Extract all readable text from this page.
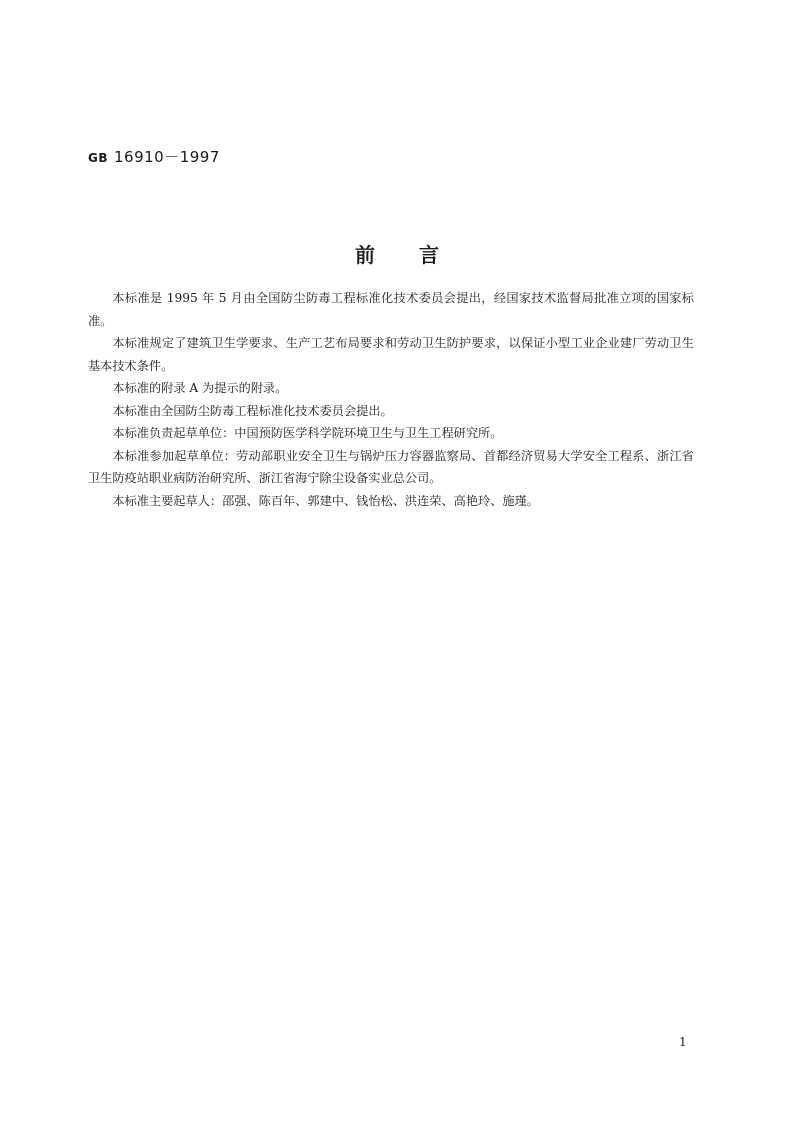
GB 16910－1997
前 言

本标准是 1995 年 5 月由全国防尘防毒工程标准化技术委员会提出，经国家技术监督局批准立项的国家标准。

本标准规定了建筑卫生学要求、生产工艺布局要求和劳动卫生防护要求，以保证小型工业企业建厂劳动卫生基本技术条件。

本标准的附录 A 为提示的附录。

本标准由全国防尘防毒工程标准化技术委员会提出。

本标准负责起草单位：中国预防医学科学院环境卫生与卫生工程研究所。

本标准参加起草单位：劳动部职业安全卫生与锅炉压力容器监察局、首都经济贸易大学安全工程系、浙江省卫生防疫站职业病防治研究所、浙江省海宁除尘设备实业总公司。

本标准主要起草人：邵强、陈百年、郭建中、钱怡松、洪连荣、高艳玲、施瑾。

1
